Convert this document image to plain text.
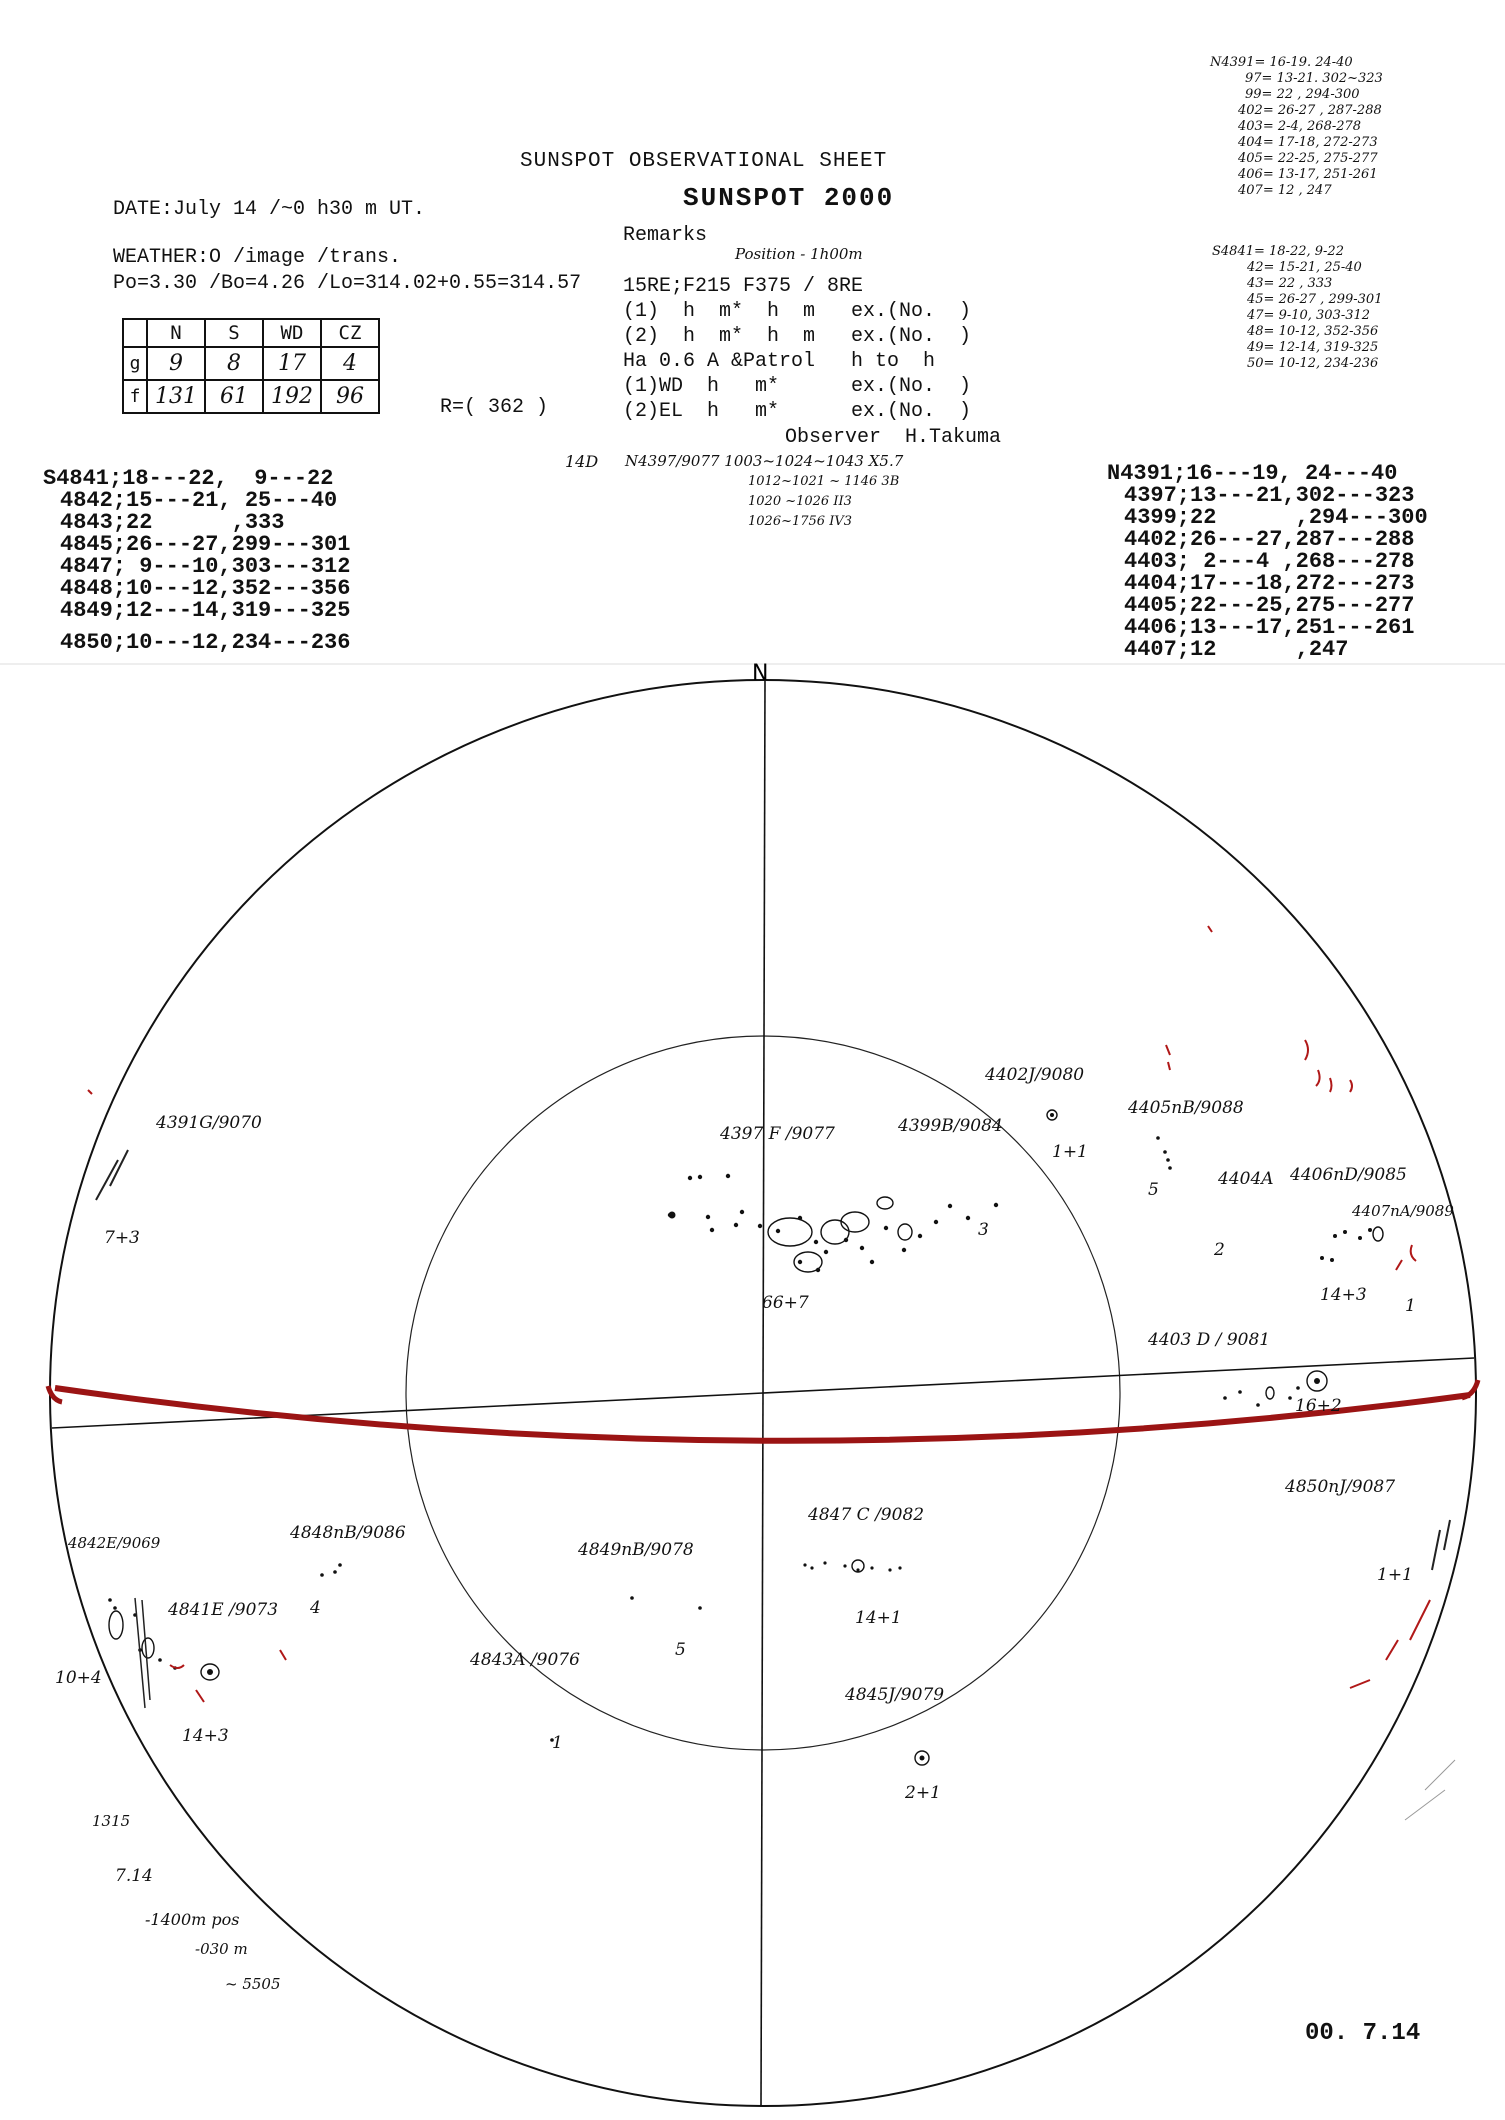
SUNSPOT OBSERVATIONAL SHEET
SUNSPOT 2000
DATE:July 14 /~0 h30 m UT.
WEATHER:O /image /trans.
Po=3.30 /Bo=4.26 /Lo=314.02+0.55=314.57
	N	S	WD	CZ
g	9	8	17	4
f	131	61	192	96	R=( 362 )
Remarks
Position - 1h00m
15RE;F215 F375 / 8RE
(1)  h  m*  h  m   ex.(No.  )
(2)  h  m*  h  m   ex.(No.  )
Ha 0.6 A &Patrol   h to  h
(1)WD  h   m*      ex.(No.  )
(2)EL  h   m*      ex.(No.  )
Observer  H.Takuma
14D N4397/9077 1003~1024~1043 X5.7
1012~1021 ~ 1146 3B
1020 ~1026 II3
1026~1756 IV3
N4391= 16-19. 24-40
97= 13-21. 302~323
99= 22 , 294-300
402= 26-27 , 287-288
403= 2-4, 268-278
404= 17-18, 272-273
405= 22-25, 275-277
406= 13-17, 251-261
407= 12 , 247
S4841= 18-22, 9-22
42= 15-21, 25-40
43= 22 , 333
45= 26-27 , 299-301
47= 9-10, 303-312
48= 10-12, 352-356
49= 12-14, 319-325
50= 10-12, 234-236
S4841;18---22,  9---22
4842;15---21, 25---40
4843;22      ,333
4845;26---27,299---301
4847; 9---10,303---312
4848;10---12,352---356
4849;12---14,319---325
4850;10---12,234---236
N4391;16---19, 24---40
4397;13---21,302---323
4399;22      ,294---300
4402;26---27,287---288
4403; 2---4 ,268---278
4404;17---18,272---273
4405;22---25,275---277
4406;13---17,251---261
4407;12      ,247
N
4391G/9070
7+3
4397 F /9077
66+7
4399B/9084
3
4402J/9080
1+1
4405nB/9088
5
4404A
2
4406nD/9085
4407nA/9089
14+3
1
4403 D / 9081
16+2
4850nJ/9087
1+1
4847 C /9082
14+1
4849nB/9078
5
4843A /9076
1
4845J/9079
2+1
4848nB/9086
4
4842E/9069
10+4
4841E /9073
14+3
1315
7.14
-1400m pos
-030 m
~ 5505
00. 7.14
